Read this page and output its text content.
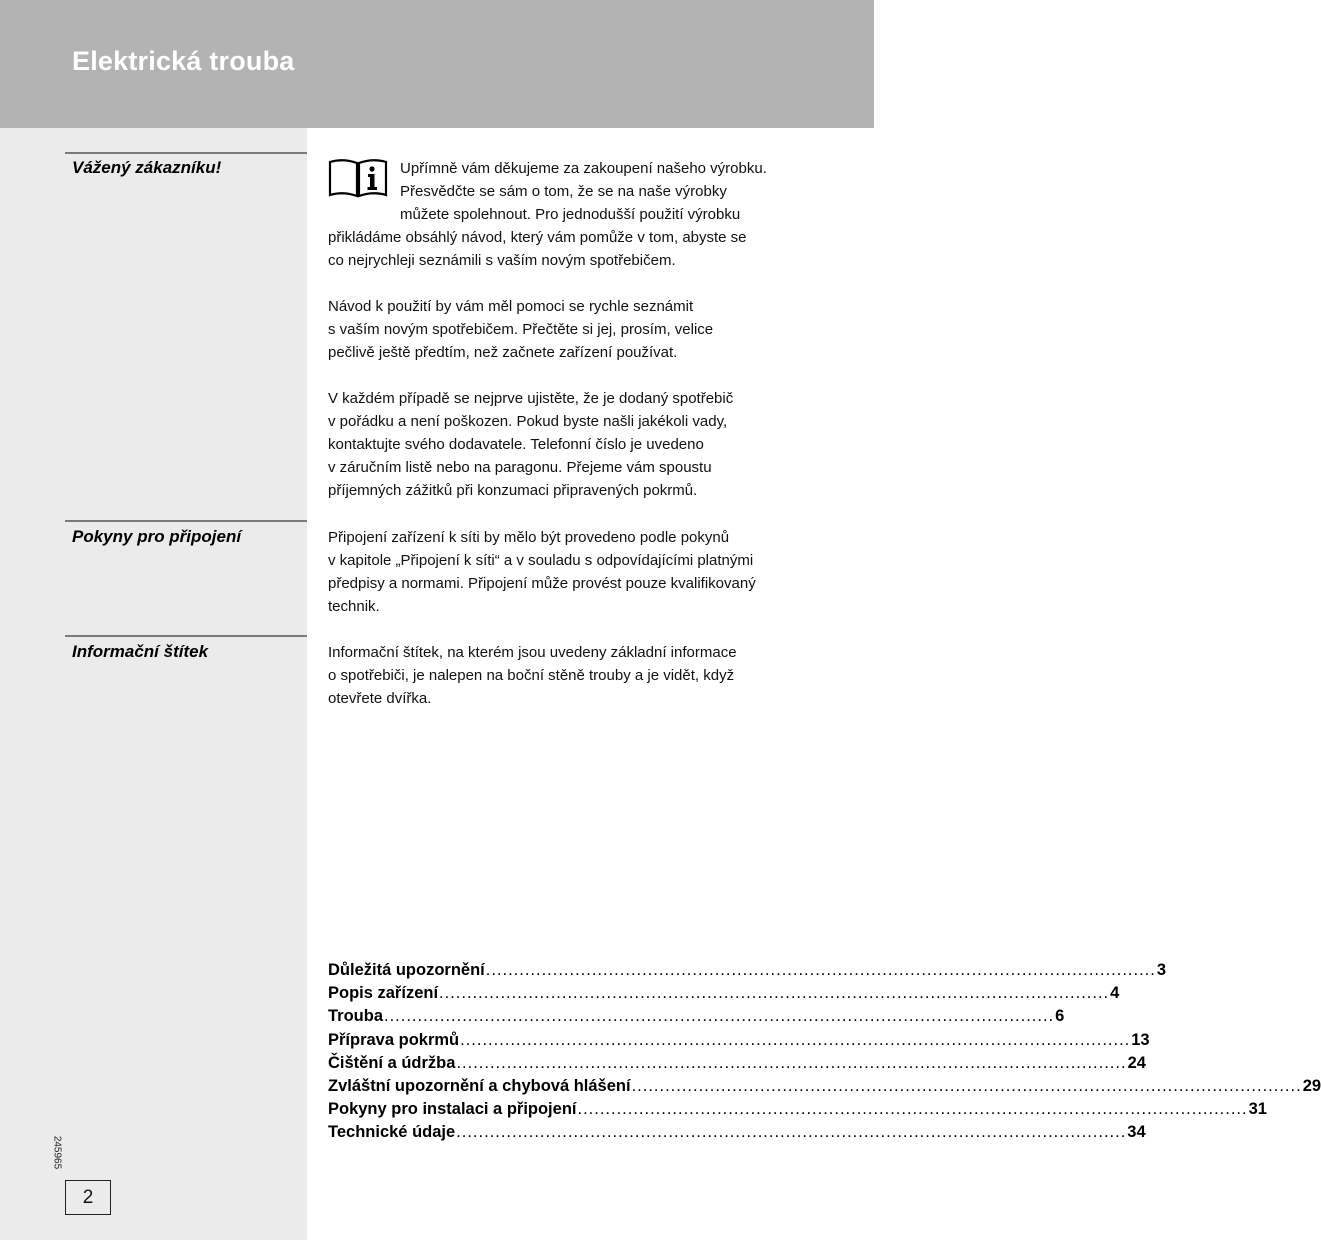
Elektrická trouba
Vážený zákazníku!	Upřímně vám děkujeme za zakoupení našeho výrobku.
Přesvědčte se sám o tom, že se na naše výrobky
můžete spolehnout. Pro jednodušší použití výrobku
přikládáme obsáhlý návod, který vám pomůže v tom, abyste se
co nejrychleji seznámili s vaším novým spotřebičem.
Návod k použití by vám měl pomoci se rychle seznámit
s vaším novým spotřebičem. Přečtěte si jej, prosím, velice
pečlivě ještě předtím, než začnete zařízení používat.
V každém případě se nejprve ujistěte, že je dodaný spotřebič
v pořádku a není poškozen. Pokud byste našli jakékoli vady,
kontaktujte svého dodavatele. Telefonní číslo je uvedeno
v záručním listě nebo na paragonu. Přejeme vám spoustu
příjemných zážitků při konzumaci připravených pokrmů.
Pokyny pro připojení	Připojení zařízení k síti by mělo být provedeno podle pokynů
v kapitole „Připojení k síti“ a v souladu s odpovídajícími platnými
předpisy a normami. Připojení může provést pouze kvalifikovaný
technik.
Informační štítek	Informační štítek, na kterém jsou uvedeny základní informace
o spotřebiči, je nalepen na boční stěně trouby a je vidět, když
otevřete dvířka.
Důležitá upozornění ........................................................................................................................ 3
Popis zařízení ........................................................................................................................ 4
Trouba ........................................................................................................................ 6
Příprava pokrmů ........................................................................................................................ 13
Čištění a údržba ........................................................................................................................ 24
Zvláštní upozornění a chybová hlášení ........................................................................................................................ 29
Pokyny pro instalaci a připojení ........................................................................................................................ 31
Technické údaje ........................................................................................................................ 34
245965
2
